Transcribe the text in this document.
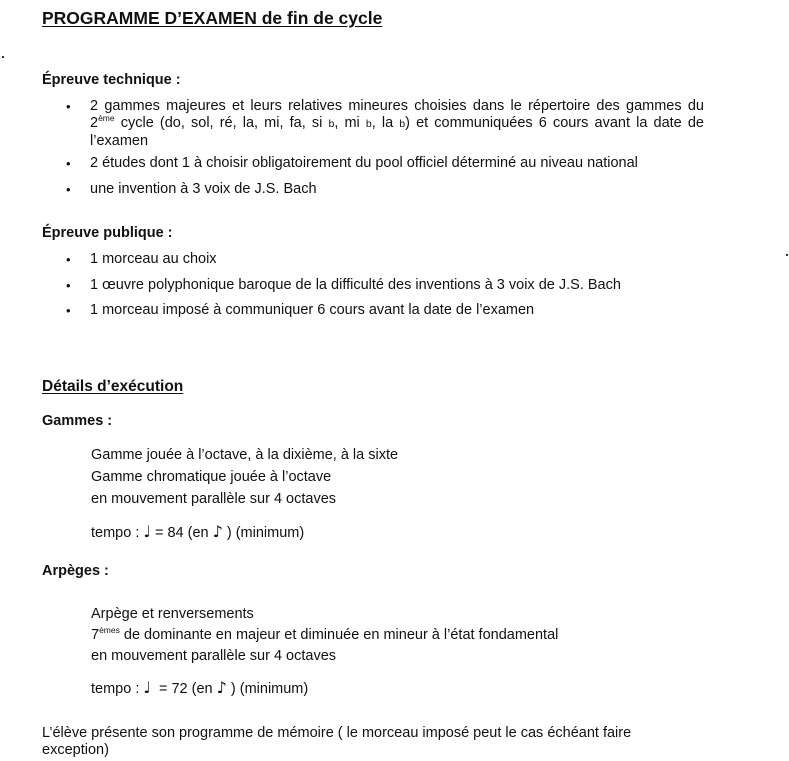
PROGRAMME D’EXAMEN de fin de cycle
Épreuve technique :
• 2 gammes majeures et leurs relatives mineures choisies dans le répertoire des gammes du
2ème cycle (do, sol, ré, la, mi, fa, si b, mi b, la b) et communiquées 6 cours avant la date de
l’examen
• 2 études dont 1 à choisir obligatoirement du pool officiel déterminé au niveau national
• une invention à 3 voix de J.S. Bach
Épreuve publique :
• 1 morceau au choix
• 1 œuvre polyphonique baroque de la difficulté des inventions à 3 voix de J.S. Bach
• 1 morceau imposé à communiquer 6 cours avant la date de l’examen
Détails d’exécution
Gammes :
Gamme jouée à l’octave, à la dixième, à la sixte
Gamme chromatique jouée à l’octave
en mouvement parallèle sur 4 octaves
tempo : ♩ = 84 (en ♪ ) (minimum)
Arpèges :
Arpège et renversements
7èmes de dominante en majeur et diminuée en mineur à l’état fondamental
en mouvement parallèle sur 4 octaves
tempo : ♩  = 72 (en ♪ ) (minimum)
L’élève présente son programme de mémoire ( le morceau imposé peut le cas échéant faire
exception)
